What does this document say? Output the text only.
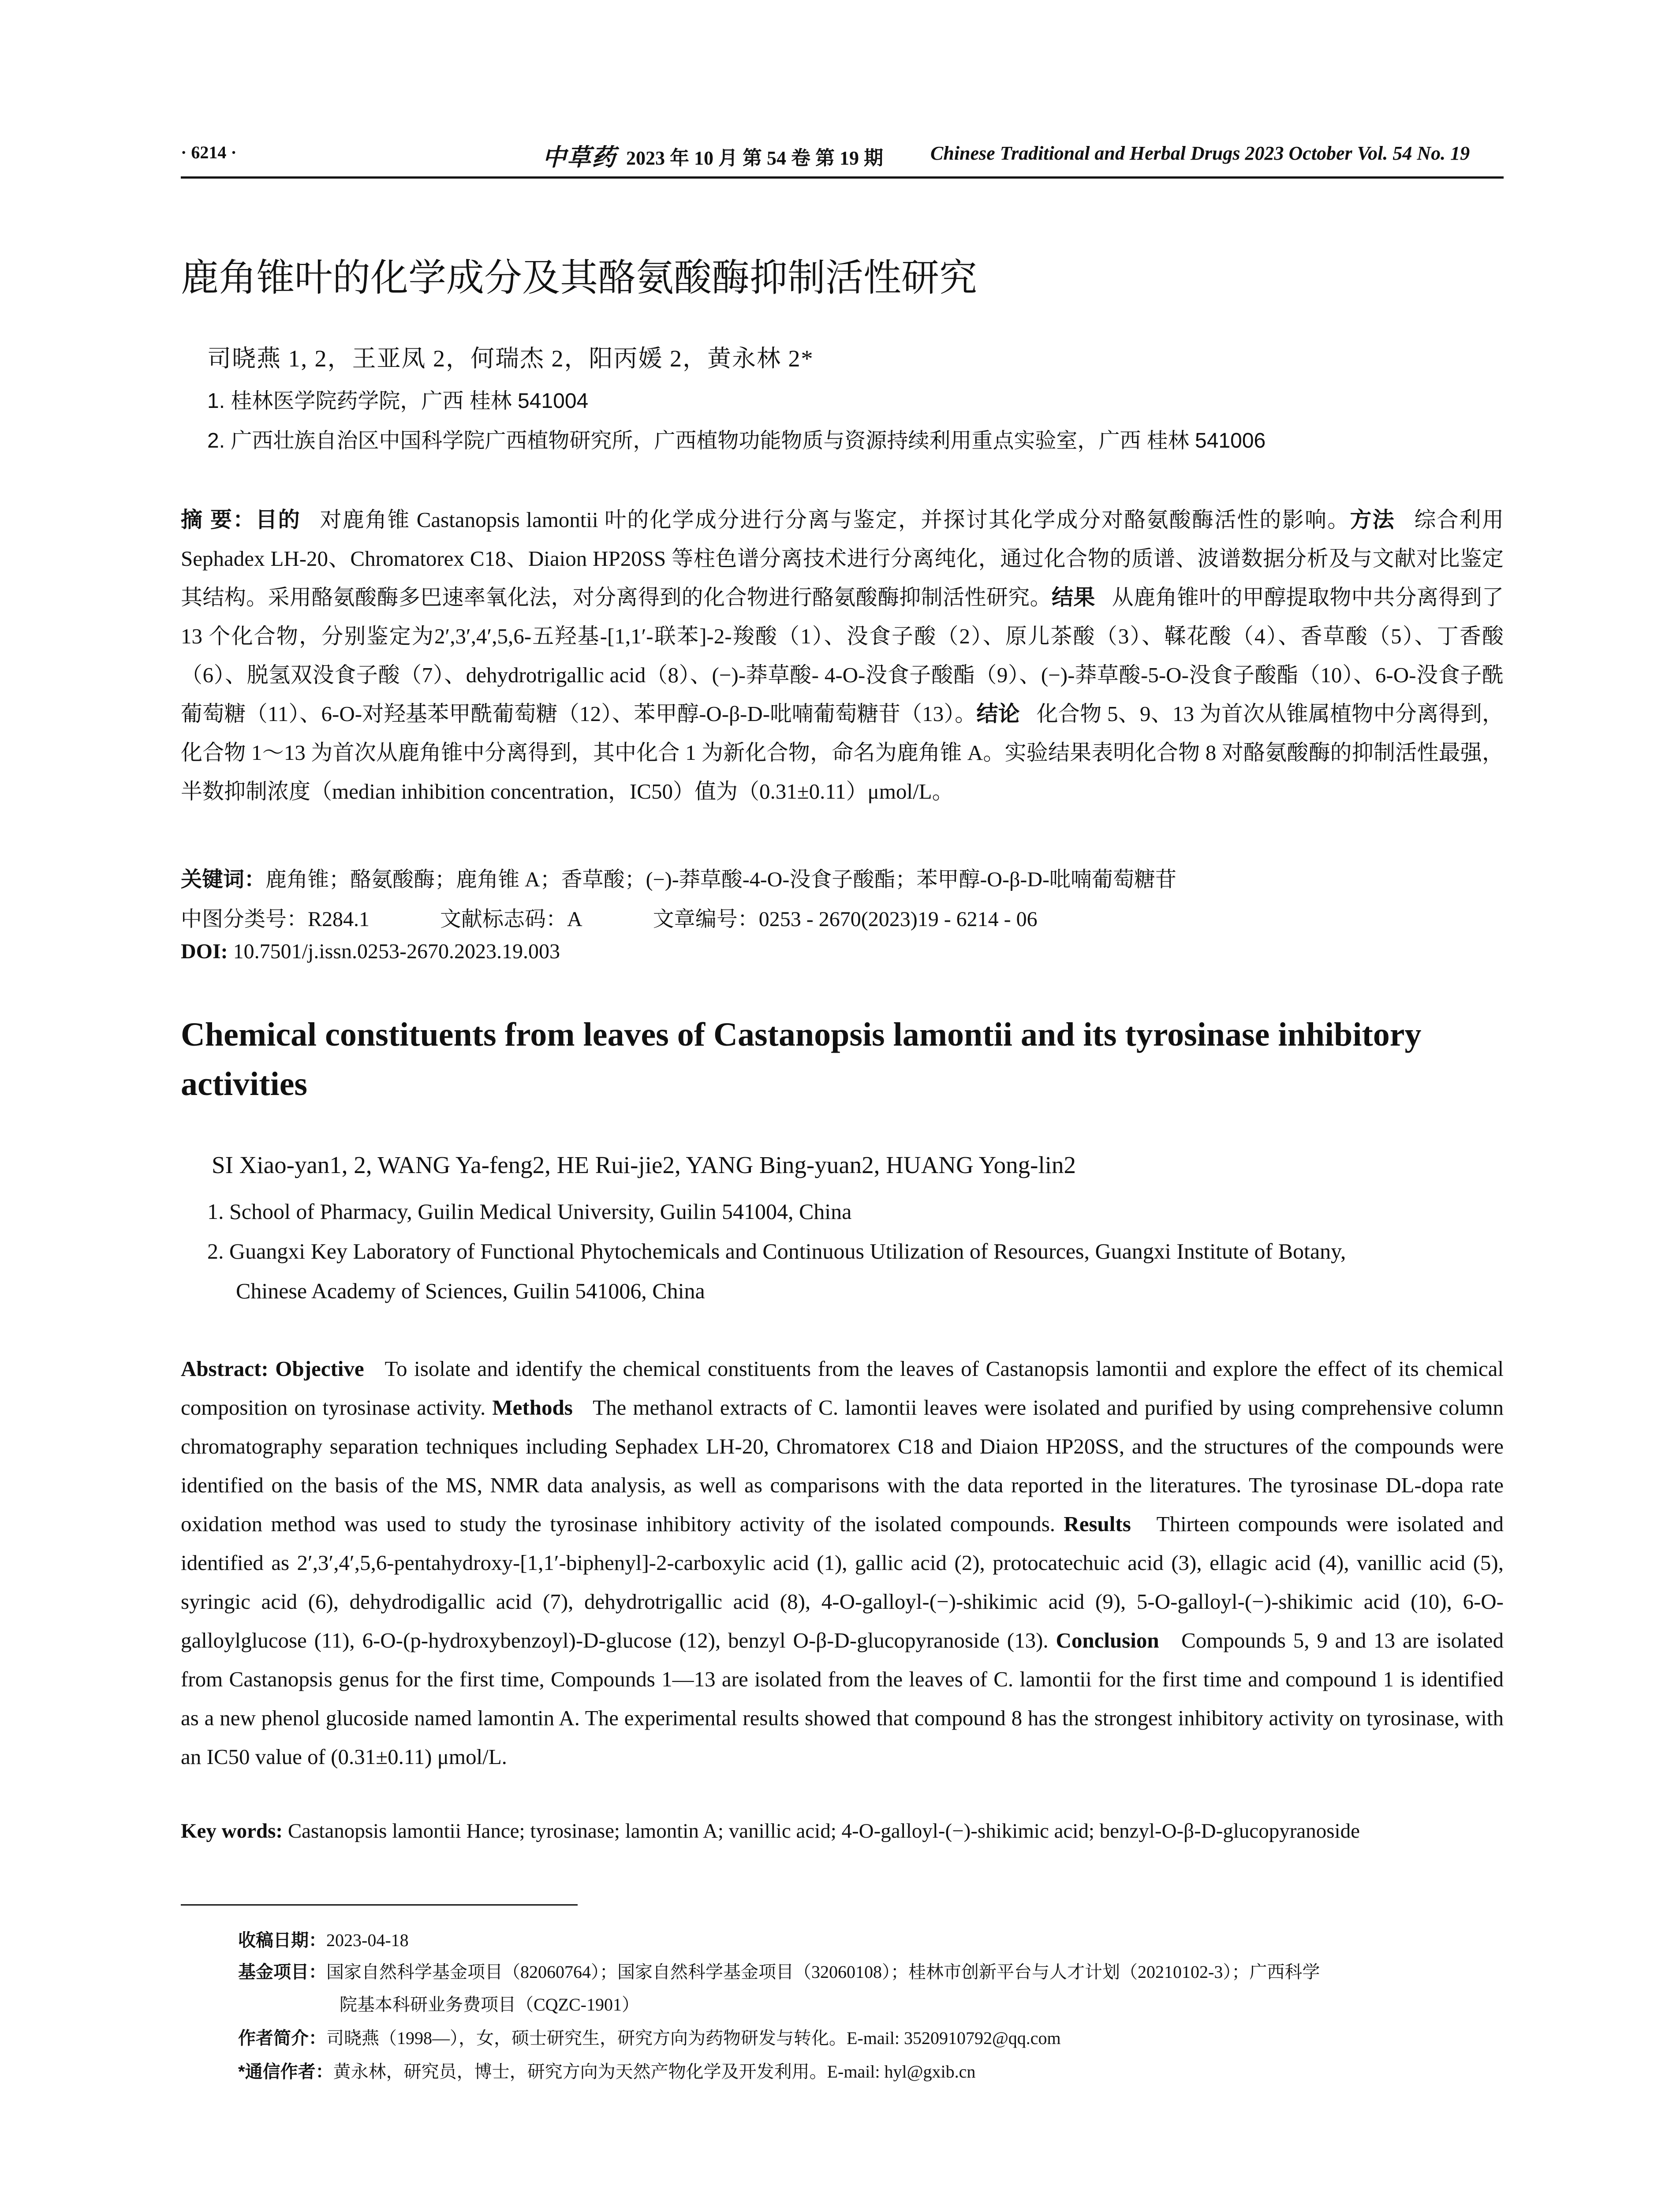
· 6214 ·	中草药 2023 年 10 月 第 54 卷 第 19 期 Chinese Traditional and Herbal Drugs 2023 October Vol. 54 No. 19
鹿角锥叶的化学成分及其酪氨酸酶抑制活性研究
司晓燕 1, 2，王亚凤 2，何瑞杰 2，阳丙媛 2，黄永林 2*
1. 桂林医学院药学院，广西 桂林 541004
2. 广西壮族自治区中国科学院广西植物研究所，广西植物功能物质与资源持续利用重点实验室，广西 桂林 541006
摘 要：目的 对鹿角锥 Castanopsis lamontii 叶的化学成分进行分离与鉴定，并探讨其化学成分对酪氨酸酶活性的影响。方法 综合利用 Sephadex LH-20、Chromatorex C18、Diaion HP20SS 等柱色谱分离技术进行分离纯化，通过化合物的质谱、波谱数据分析及与文献对比鉴定其结构。采用酪氨酸酶多巴速率氧化法，对分离得到的化合物进行酪氨酸酶抑制活性研究。结果 从鹿角锥叶的甲醇提取物中共分离得到了 13 个化合物，分别鉴定为2′,3′,4′,5,6-五羟基-[1,1′-联苯]-2-羧酸（1）、没食子酸（2）、原儿茶酸（3）、鞣花酸（4）、香草酸（5）、丁香酸（6）、脱氢双没食子酸（7）、dehydrotrigallic acid（8）、(−)-莽草酸- 4-O-没食子酸酯（9）、(−)-莽草酸-5-O-没食子酸酯（10）、6-O-没食子酰葡萄糖（11）、6-O-对羟基苯甲酰葡萄糖（12）、苯甲醇-O-β-D-吡喃葡萄糖苷（13）。结论 化合物 5、9、13 为首次从锥属植物中分离得到，化合物 1～13 为首次从鹿角锥中分离得到，其中化合 1 为新化合物，命名为鹿角锥 A。实验结果表明化合物 8 对酪氨酸酶的抑制活性最强，半数抑制浓度（median inhibition concentration，IC50）值为（0.31±0.11）μmol/L。
关键词：鹿角锥；酪氨酸酶；鹿角锥 A；香草酸；(−)-莽草酸-4-O-没食子酸酯；苯甲醇-O-β-D-吡喃葡萄糖苷
中图分类号：R284.1	文献标志码：A	文章编号：0253 - 2670(2023)19 - 6214 - 06
DOI: 10.7501/j.issn.0253-2670.2023.19.003
Chemical constituents from leaves of Castanopsis lamontii and its tyrosinase inhibitory activities
SI Xiao-yan1, 2, WANG Ya-feng2, HE Rui-jie2, YANG Bing-yuan2, HUANG Yong-lin2
1. School of Pharmacy, Guilin Medical University, Guilin 541004, China
2. Guangxi Key Laboratory of Functional Phytochemicals and Continuous Utilization of Resources, Guangxi Institute of Botany,
Chinese Academy of Sciences, Guilin 541006, China
Abstract: Objective To isolate and identify the chemical constituents from the leaves of Castanopsis lamontii and explore the effect of its chemical composition on tyrosinase activity. Methods The methanol extracts of C. lamontii leaves were isolated and purified by using comprehensive column chromatography separation techniques including Sephadex LH-20, Chromatorex C18 and Diaion HP20SS, and the structures of the compounds were identified on the basis of the MS, NMR data analysis, as well as comparisons with the data reported in the literatures. The tyrosinase DL-dopa rate oxidation method was used to study the tyrosinase inhibitory activity of the isolated compounds. Results Thirteen compounds were isolated and identified as 2′,3′,4′,5,6-pentahydroxy-[1,1′-biphenyl]-2-carboxylic acid (1), gallic acid (2), protocatechuic acid (3), ellagic acid (4), vanillic acid (5), syringic acid (6), dehydrodigallic acid (7), dehydrotrigallic acid (8), 4-O-galloyl-(−)-shikimic acid (9), 5-O-galloyl-(−)-shikimic acid (10), 6-O-galloylglucose (11), 6-O-(p-hydroxybenzoyl)-D-glucose (12), benzyl O-β-D-glucopyranoside (13). Conclusion Compounds 5, 9 and 13 are isolated from Castanopsis genus for the first time, Compounds 1—13 are isolated from the leaves of C. lamontii for the first time and compound 1 is identified as a new phenol glucoside named lamontin A. The experimental results showed that compound 8 has the strongest inhibitory activity on tyrosinase, with an IC50 value of (0.31±0.11) μmol/L.
Key words: Castanopsis lamontii Hance; tyrosinase; lamontin A; vanillic acid; 4-O-galloyl-(−)-shikimic acid; benzyl-O-β-D-glucopyranoside
收稿日期：2023-04-18
基金项目：国家自然科学基金项目（82060764）；国家自然科学基金项目（32060108）；桂林市创新平台与人才计划（20210102-3）；广西科学
院基本科研业务费项目（CQZC-1901）
作者简介：司晓燕（1998—），女，硕士研究生，研究方向为药物研发与转化。E-mail: 3520910792@qq.com
*通信作者：黄永林，研究员，博士，研究方向为天然产物化学及开发利用。E-mail: hyl@gxib.cn
